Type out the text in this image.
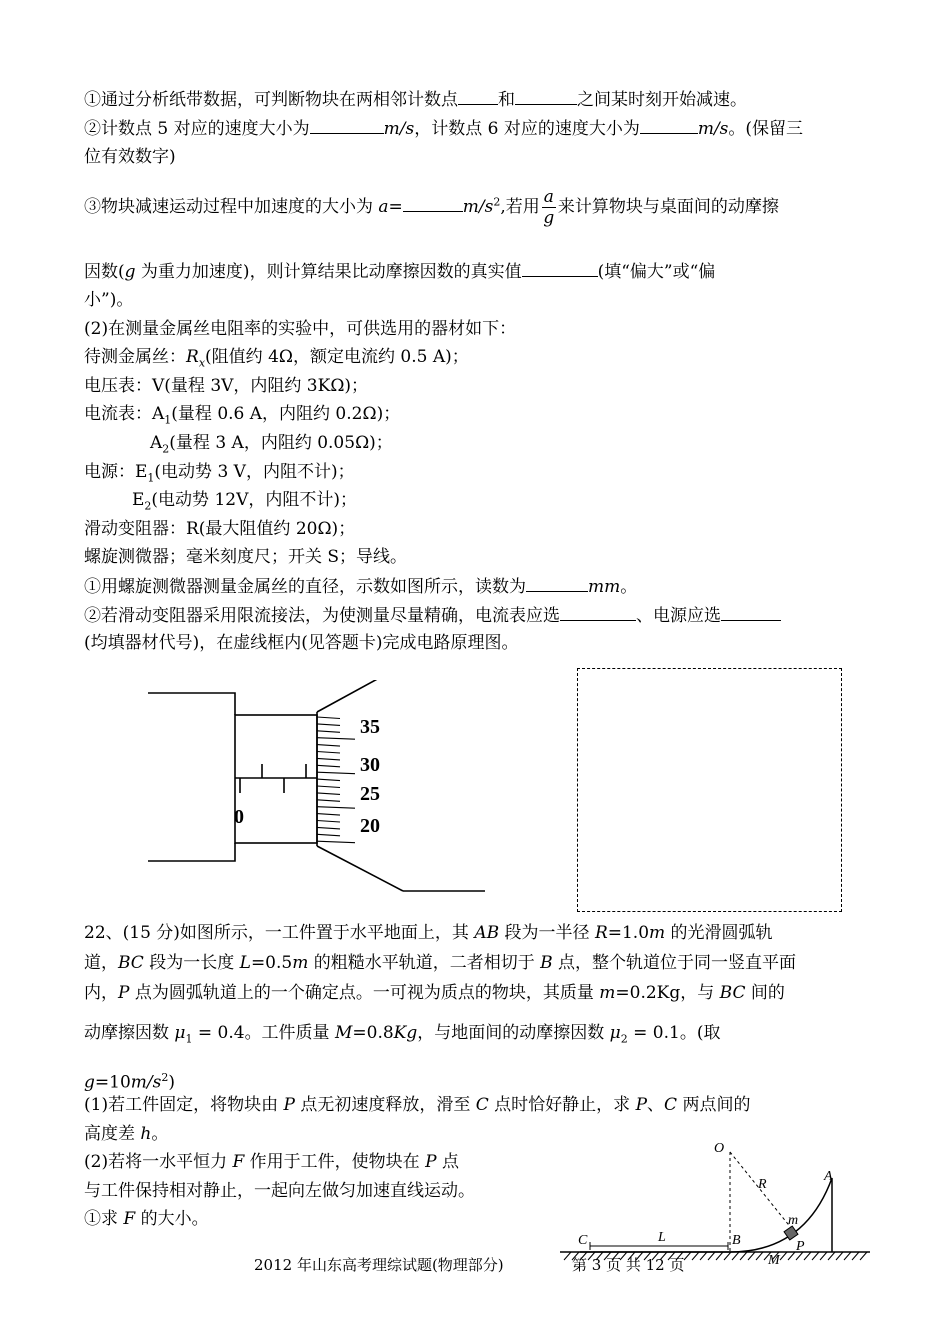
①通过分析纸带数据，可判断物块在两相邻计数点 和	之间某时刻开始减速。
②计数点 5 对应的速度大小为	m/s，计数点 6 对应的速度大小为	m/s。(保留三
位有效数字)
③物块减速运动过程中加速度的大小为 a=	$m/s^2$,若用 $\frac{a}{g}$ 来计算物块与桌面间的动摩擦
因数(g 为重力加速度)，则计算结果比动摩擦因数的真实值	(填“偏大”或“偏
小”)。
(2)在测量金属丝电阻率的实验中，可供选用的器材如下：
待测金属丝：$R_x$(阻值约 4Ω，额定电流约 0.5 A)；
电压表：V(量程 3V，内阻约 3KΩ)；
电流表：$A_1$(量程 0.6 A，内阻约 0.2Ω)；
$A_2$(量程 3 A，内阻约 0.05Ω)；
电源：$E_1$(电动势 3 V，内阻不计)；
$E_2$(电动势 12V，内阻不计)；
滑动变阻器：R(最大阻值约 20Ω)；
螺旋测微器；毫米刻度尺；开关 S；导线。
①用螺旋测微器测量金属丝的直径，示数如图所示，读数为	mm。
②若滑动变阻器采用限流接法，为使测量尽量精确，电流表应选	、电源应选
(均填器材代号)，在虚线框内(见答题卡)完成电路原理图。
35
30
25
20
0
22、(15 分)如图所示，一工件置于水平地面上，其 AB 段为一半径 R=1.0m 的光滑圆弧轨
道，BC 段为一长度 L=0.5m 的粗糙水平轨道，二者相切于 B 点，整个轨道位于同一竖直平面
内，P 点为圆弧轨道上的一个确定点。一可视为质点的物块，其质量 m=0.2Kg，与 BC 间的
动摩擦因数 $\mu_1 = 0.4$。工件质量 M=0.8Kg，与地面间的动摩擦因数 $\mu_2 = 0.1$。(取
$g=10m/s^2$)
(1)若工件固定，将物块由 P 点无初速度释放，滑至 C 点时恰好静止，求 P、C 两点间的
高度差 h。
(2)若将一水平恒力 F 作用于工件，使物块在 P 点
与工件保持相对静止，一起向左做匀加速直线运动。
①求 F 的大小。
O
R
A
m
P
C	L	B
M
2012 年山东高考理综试题(物理部分)	第 3 页 共 12 页
